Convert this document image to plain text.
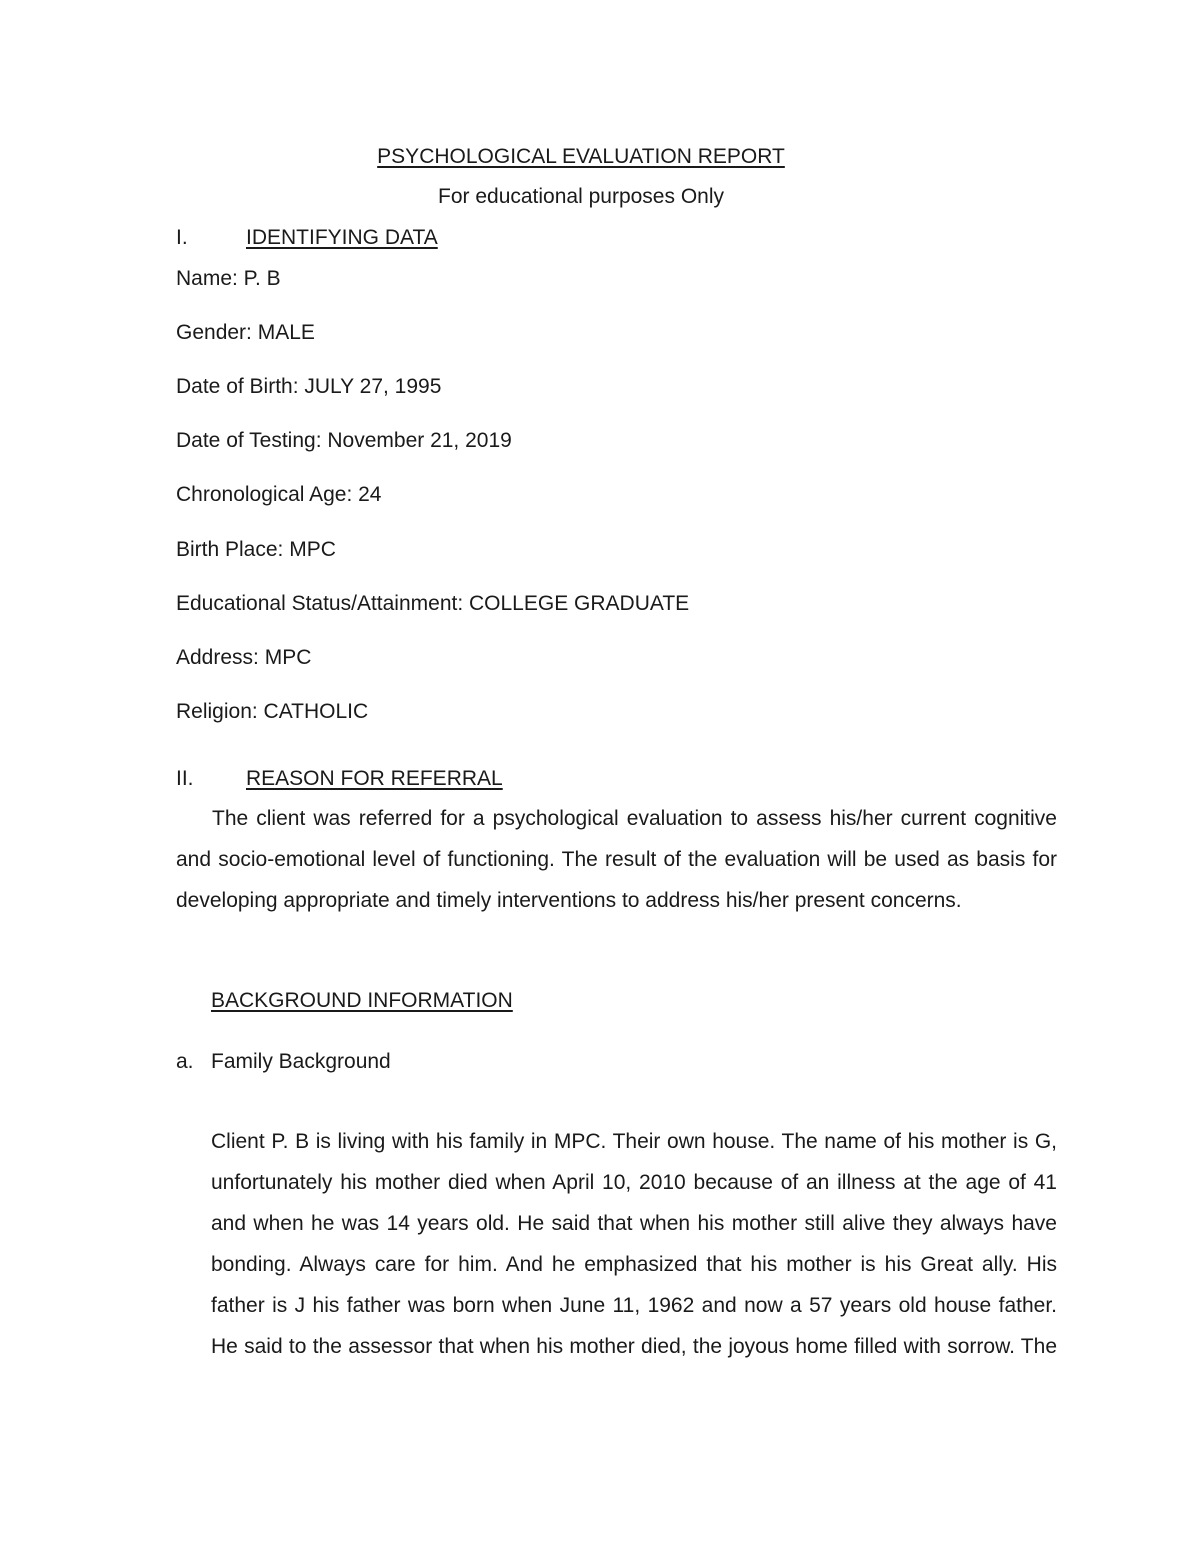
PSYCHOLOGICAL EVALUATION REPORT
For educational purposes Only
I.	IDENTIFYING DATA
Name: P. B
Gender: MALE
Date of Birth: JULY 27, 1995
Date of Testing: November 21, 2019
Chronological Age: 24
Birth Place: MPC
Educational Status/Attainment: COLLEGE GRADUATE
Address: MPC
Religion: CATHOLIC
II. REASON FOR REFERRAL
The client was referred for a psychological evaluation to assess his/her current cognitive and socio-emotional level of functioning. The result of the evaluation will be used as basis for developing appropriate and timely interventions to address his/her present concerns.
BACKGROUND INFORMATION
a. Family Background
Client P. B is living with his family in MPC. Their own house. The name of his mother is G, unfortunately his mother died when April 10, 2010 because of an illness at the age of 41 and when he was 14 years old. He said that when his mother still alive they always have bonding. Always care for him. And he emphasized that his mother is his Great ally. His father is J his father was born when June 11, 1962 and now a 57 years old house father. He said to the assessor that when his mother died, the joyous home filled with sorrow. The
